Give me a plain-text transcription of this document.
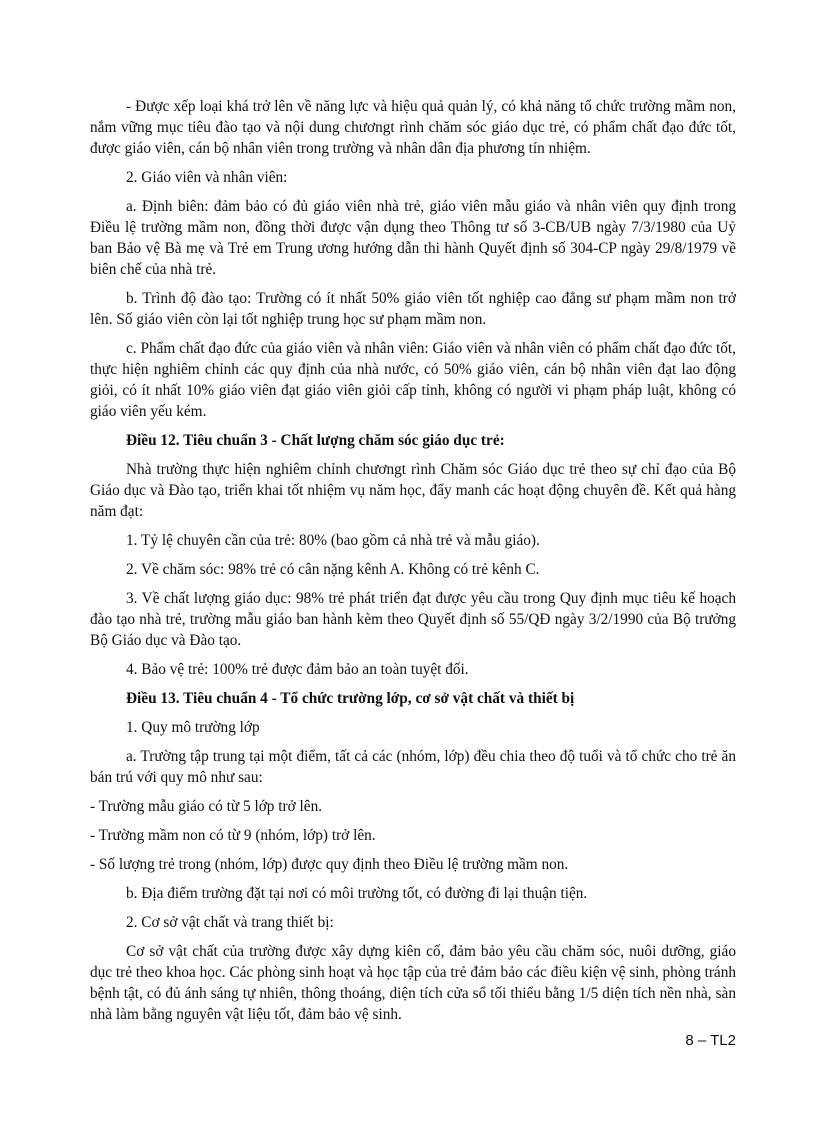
- Được xếp loại khá trở lên về năng lực và hiệu quả quản lý, có khả năng tổ chức trường mầm non, nắm vững mục tiêu đào tạo và nội dung chươngt rình chăm sóc giáo dục trẻ, có phẩm chất đạo đức tốt, được giáo viên, cán bộ nhân viên trong trường và nhân dân địa phương tín nhiệm.

2. Giáo viên và nhân viên:

a. Định biên: đảm bảo có đủ giáo viên nhà trẻ, giáo viên mẫu giáo và nhân viên quy định trong Điều lệ trường mầm non, đồng thời được vận dụng theo Thông tư số 3-CB/UB ngày 7/3/1980 của Uỷ ban Bảo vệ Bà mẹ và Trẻ em Trung ương hướng dẫn thi hành Quyết định số 304-CP ngày 29/8/1979 về biên chế của nhà trẻ.

b. Trình độ đào tạo: Trường có ít nhất 50% giáo viên tốt nghiệp cao đẳng sư phạm mầm non trở lên. Số giáo viên còn lại tốt nghiệp trung học sư phạm mầm non.

c. Phẩm chất đạo đức của giáo viên và nhân viên: Giáo viên và nhân viên có phẩm chất đạo đức tốt, thực hiện nghiêm chỉnh các quy định của nhà nước, có 50% giáo viên, cán bộ nhân viên đạt lao động giỏi, có ít nhất 10% giáo viên đạt giáo viên giỏi cấp tỉnh, không có người vi phạm pháp luật, không có giáo viên yếu kém.

Điều 12. Tiêu chuẩn 3 - Chất lượng chăm sóc giáo dục trẻ:

Nhà trường thực hiện nghiêm chỉnh chươngt rình Chăm sóc Giáo dục trẻ theo sự chỉ đạo của Bộ Giáo dục và Đào tạo, triển khai tốt nhiệm vụ năm học, đẩy manh các hoạt động chuyên đề. Kết quả hàng năm đạt:

1. Tỷ lệ chuyên cần của trẻ: 80% (bao gồm cả nhà trẻ và mẫu giáo).

2. Về chăm sóc: 98% trẻ có cân nặng kênh A. Không có trẻ kênh C.

3. Về chất lượng giáo dục: 98% trẻ phát triển đạt được yêu cầu trong Quy định mục tiêu kế hoạch đào tạo nhà trẻ, trường mẫu giáo ban hành kèm theo Quyết định số 55/QĐ ngày 3/2/1990 của Bộ trưởng Bộ Giáo dục và Đào tạo.

4. Bảo vệ trẻ: 100% trẻ được đảm bảo an toàn tuyệt đối.

Điều 13. Tiêu chuẩn 4 - Tổ chức trường lớp, cơ sở vật chất và thiết bị

1. Quy mô trường lớp

a. Trường tập trung tại một điểm, tất cả các (nhóm, lớp) đều chia theo độ tuổi và tổ chức cho trẻ ăn bán trú với quy mô như sau:

- Trường mẫu giáo có từ 5 lớp trở lên.

- Trường mầm non có từ 9 (nhóm, lớp) trở lên.

- Số lượng trẻ trong (nhóm, lớp) được quy định theo Điều lệ trường mầm non.

b. Địa điểm trường đặt tại nơi có môi trường tốt, có đường đi lại thuận tiện.

2. Cơ sở vật chất và trang thiết bị:

Cơ sở vật chất của trường được xây dựng kiên cố, đảm bảo yêu cầu chăm sóc, nuôi dưỡng, giáo dục trẻ theo khoa học. Các phòng sinh hoạt và học tập của trẻ đảm bảo các điều kiện vệ sinh, phòng tránh bệnh tật, có đủ ánh sáng tự nhiên, thông thoáng, diện tích cửa sổ tối thiểu bằng 1/5 diện tích nền nhà, sàn nhà làm bằng nguyên vật liệu tốt, đảm bảo vệ sinh.

8 – TL2
